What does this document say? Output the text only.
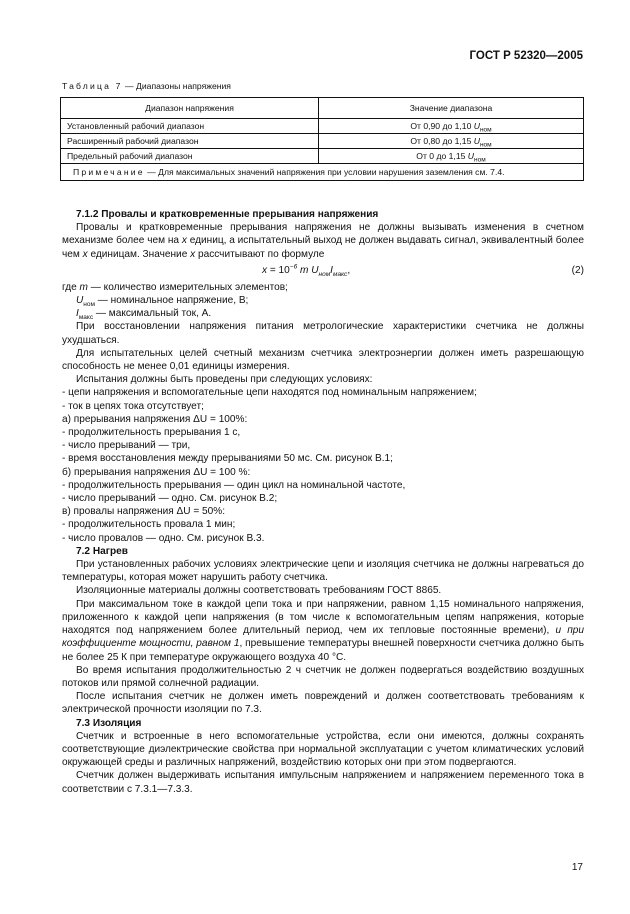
ГОСТ Р 52320—2005
Таблица 7 — Диапазоны напряжения
Диапазон напряжения	Значение диапазона
Установленный рабочий диапазон	От 0,90 до 1,10 $U_{ном}$
Расширенный рабочий диапазон	От 0,80 до 1,15 $U_{ном}$
Предельный рабочий диапазон	От 0 до 1,15 $U_{ном}$
Примечание — Для максимальных значений напряжения при условии нарушения заземления см. 7.4.	

7.1.2 Провалы и кратковременные прерывания напряжения

Провалы и кратковременные прерывания напряжения не должны вызывать изменения в счетном механизме более чем на х единиц, а испытательный выход не должен выдавать сигнал, эквивалентный более чем х единицам. Значение х рассчитывают по формуле

$x = 10^{-6}$ m $U_{ном}I_{макс}$,	(2)

где m — количество измерительных элементов;

$U_{ном}$ — номинальное напряжение, В;

$I_{макс}$ — максимальный ток, А.

При восстановлении напряжения питания метрологические характеристики счетчика не должны ухудшаться.

Для испытательных целей счетный механизм счетчика электроэнергии должен иметь разрешающую способность не менее 0,01 единицы измерения.

Испытания должны быть проведены при следующих условиях:

- цепи напряжения и вспомогательные цепи находятся под номинальным напряжением;

- ток в цепях тока отсутствует;

а) прерывания напряжения ΔU = 100%:

- продолжительность прерывания 1 с,

- число прерываний — три,

- время восстановления между прерываниями 50 мс. См. рисунок В.1;

б) прерывания напряжения ΔU = 100 %:

- продолжительность прерывания — один цикл на номинальной частоте,

- число прерываний — одно. См. рисунок В.2;

в) провалы напряжения ΔU = 50%:

- продолжительность провала 1 мин;

- число провалов — одно. См. рисунок В.3.

7.2 Нагрев

При установленных рабочих условиях электрические цепи и изоляция счетчика не должны нагреваться до температуры, которая может нарушить работу счетчика.

Изоляционные материалы должны соответствовать требованиям ГОСТ 8865.

При максимальном токе в каждой цепи тока и при напряжении, равном 1,15 номинального напряжения, приложенного к каждой цепи напряжения (в том числе к вспомогательным цепям напряжения, которые находятся под напряжением более длительный период, чем их тепловые постоянные времени), и при коэффициенте мощности, равном 1, превышение температуры внешней поверхности счетчика должно быть не более 25 К при температуре окружающего воздуха 40 °С.

Во время испытания продолжительностью 2 ч счетчик не должен подвергаться воздействию воздушных потоков или прямой солнечной радиации.

После испытания счетчик не должен иметь повреждений и должен соответствовать требованиям к электрической прочности изоляции по 7.3.

7.3 Изоляция

Счетчик и встроенные в него вспомогательные устройства, если они имеются, должны сохранять соответствующие диэлектрические свойства при нормальной эксплуатации с учетом климатических условий окружающей среды и различных напряжений, воздействию которых они при этом подвергаются.

Счетчик должен выдерживать испытания импульсным напряжением и напряжением переменного тока в соответствии с 7.3.1—7.3.3.

17
